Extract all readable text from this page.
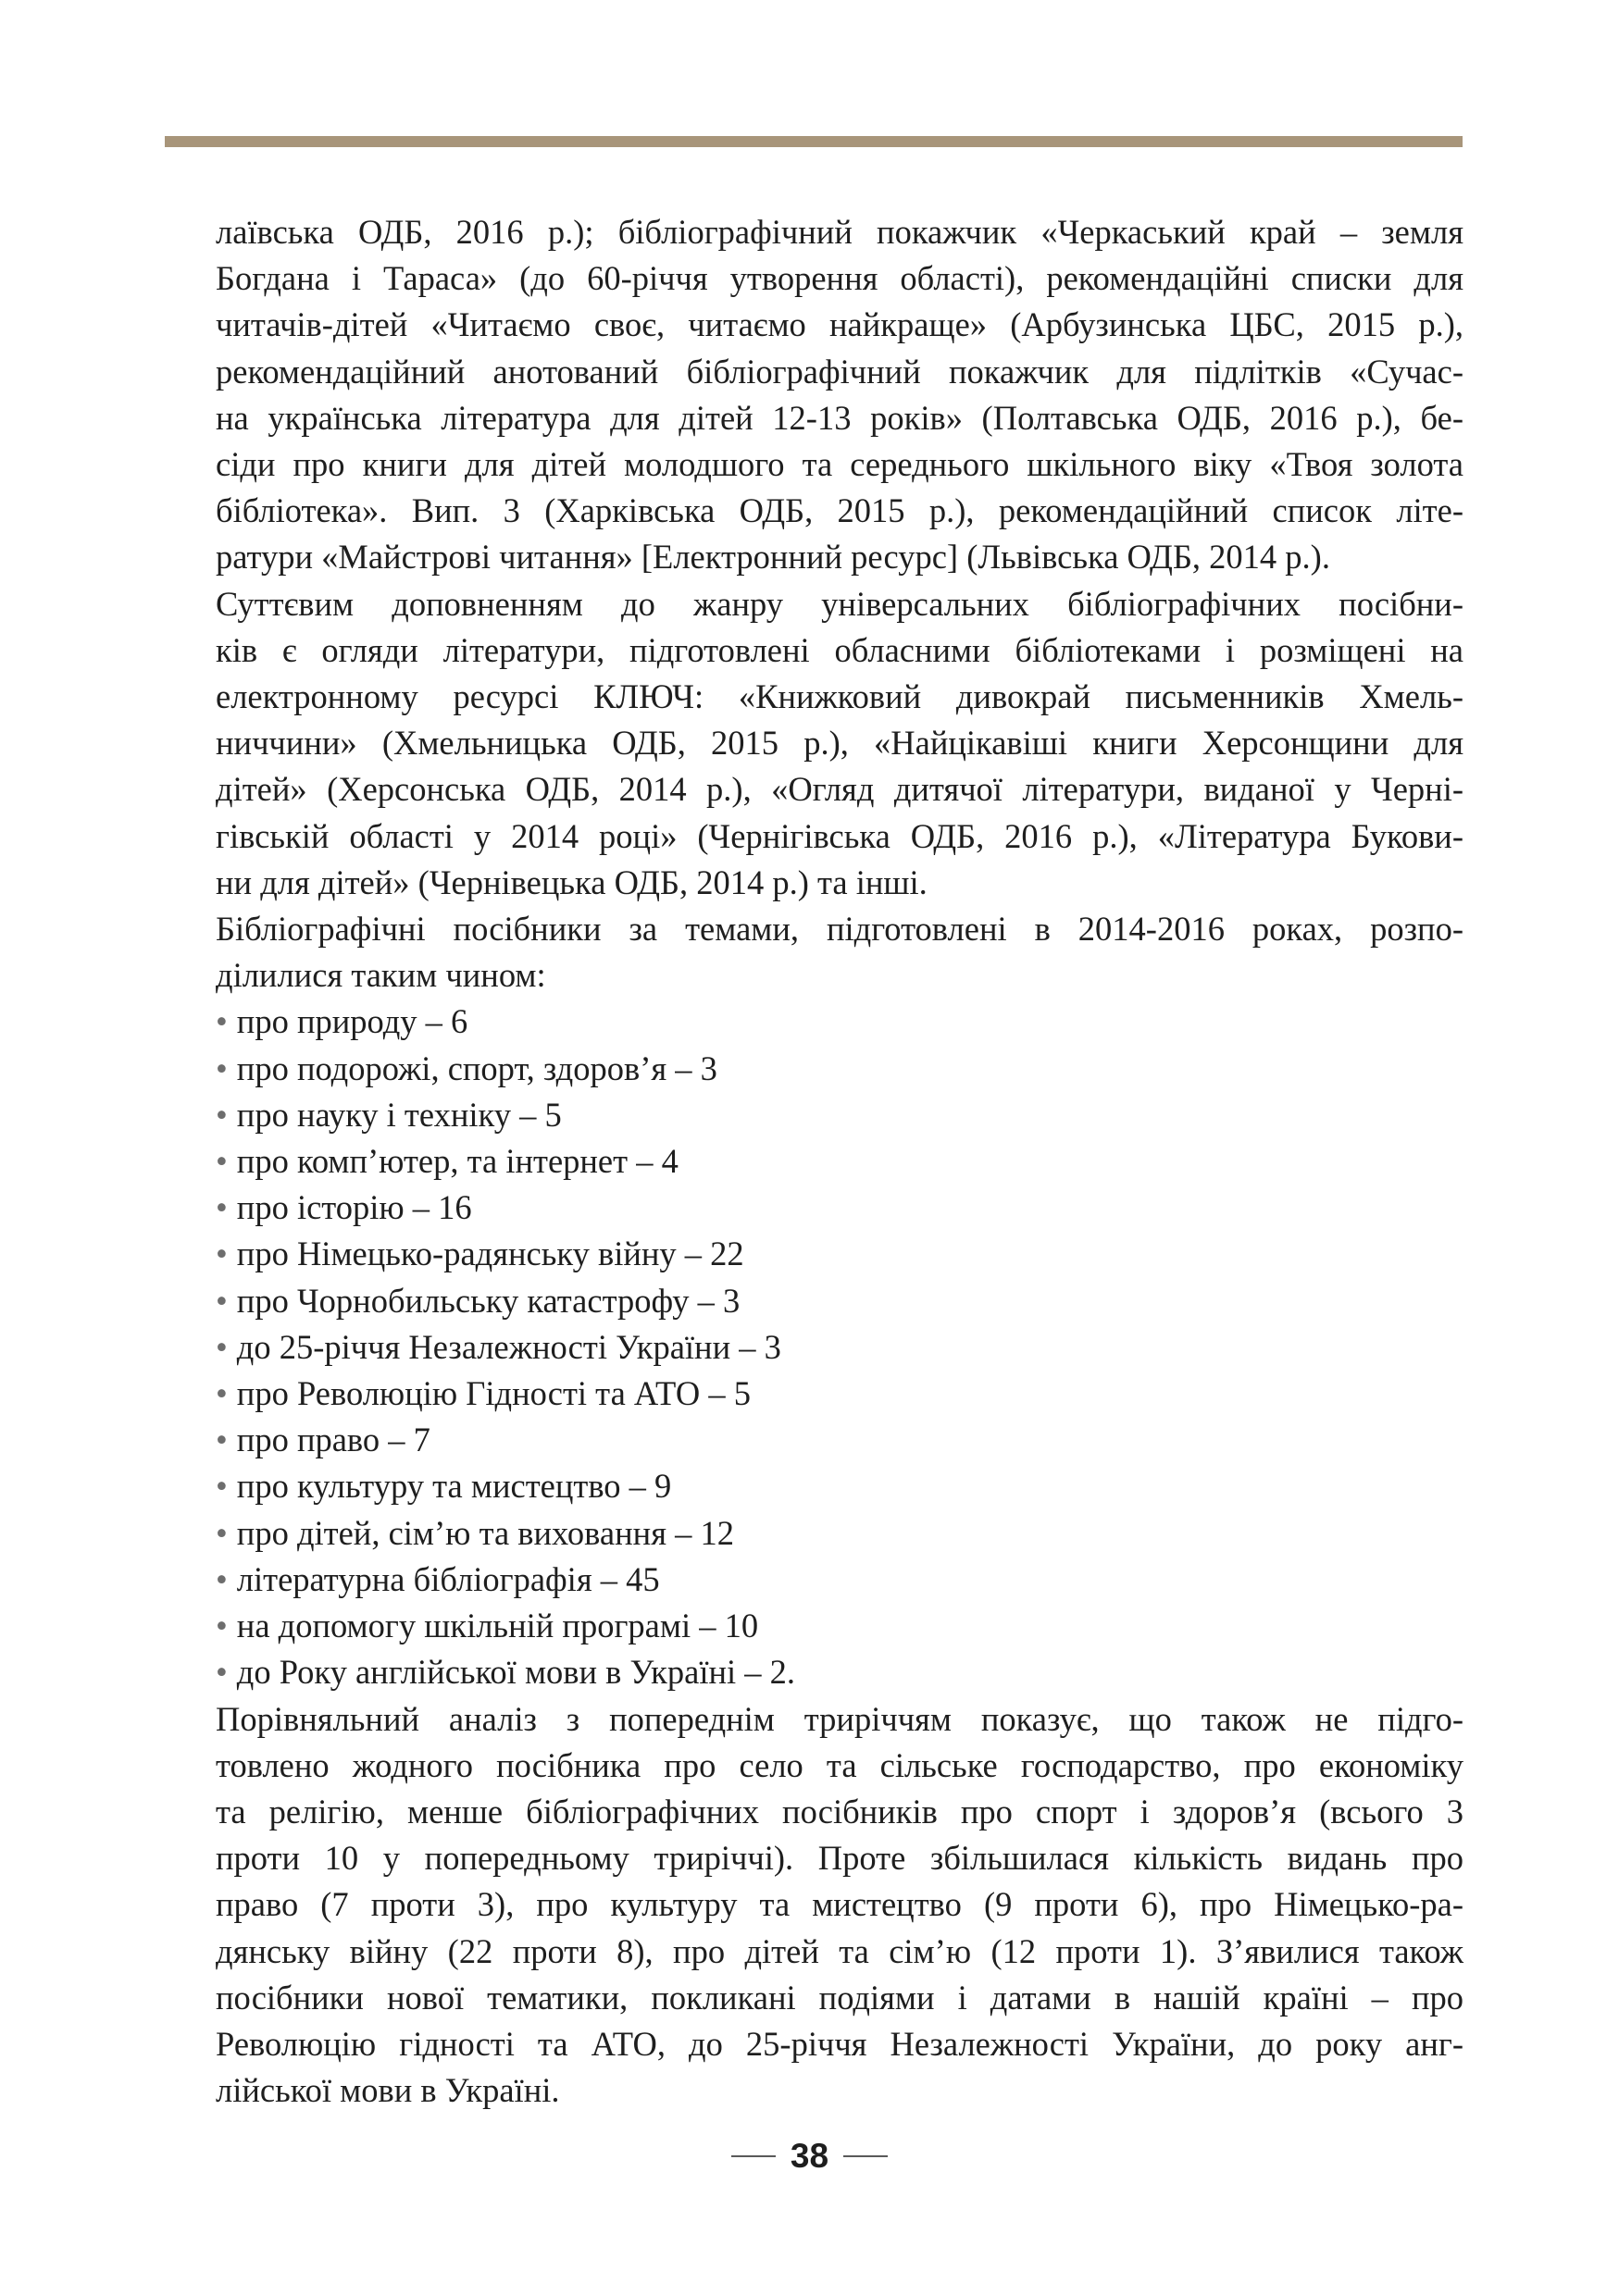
лаївська ОДБ, 2016 р.); бібліографічний покажчик «Черкаський край – земля
Богдана і Тараса» (до 60-річчя утворення області), рекомендаційні списки для
читачів-дітей «Читаємо своє, читаємо найкраще» (Арбузинська ЦБС, 2015 р.),
рекомендаційний анотований бібліографічний покажчик для підлітків «Сучас-
на українська література для дітей 12-13 років» (Полтавська ОДБ, 2016 р.), бе-
сіди про книги для дітей молодшого та середнього шкільного віку «Твоя золота
бібліотека». Вип. 3 (Харківська ОДБ, 2015 р.), рекомендаційний список літе-
ратури «Майстрові читання» [Електронний ресурс] (Львівська ОДБ, 2014 р.).

Суттєвим доповненням до жанру універсальних бібліографічних посібни-
ків є огляди літератури, підготовлені обласними бібліотеками і розміщені на
електронному ресурсі КЛЮЧ: «Книжковий дивокрай письменників Хмель-
ниччини» (Хмельницька ОДБ, 2015 р.), «Найцікавіші книги Херсонщини для
дітей» (Херсонська ОДБ, 2014 р.), «Огляд дитячої літератури, виданої у Черні-
гівській області у 2014 році» (Чернігівська ОДБ, 2016 р.), «Література Букови-
ни для дітей» (Чернівецька ОДБ, 2014 р.) та інші.

Бібліографічні посібники за темами, підготовлені в 2014-2016 роках, розпо-
ділилися таким чином:

• про природу – 6
• про подорожі, спорт, здоров’я – 3
• про науку і техніку – 5
• про комп’ютер, та інтернет – 4
• про історію – 16
• про Німецько-радянську війну – 22
• про Чорнобильську катастрофу – 3
• до 25-річчя Незалежності України – 3
• про Революцію Гідності та АТО – 5
• про право – 7
• про культуру та мистецтво – 9
• про дітей, сім’ю та виховання – 12
• літературна бібліографія – 45
• на допомогу шкільній програмі – 10
• до Року англійської мови в Україні – 2.

Порівняльний аналіз з попереднім триріччям показує, що також не підго-
товлено жодного посібника про село та сільське господарство, про економіку
та релігію, менше бібліографічних посібників про спорт і здоров’я (всього 3
проти 10 у попередньому триріччі). Проте збільшилася кількість видань про
право (7 проти 3), про культуру та мистецтво (9 проти 6), про Німецько-ра-
дянську війну (22 проти 8), про дітей та сім’ю (12 проти 1). З’явилися також
посібники нової тематики, покликані подіями і датами в нашій країні – про
Революцію гідності та АТО, до 25-річчя Незалежності України, до року анг-
лійської мови в Україні.

38
